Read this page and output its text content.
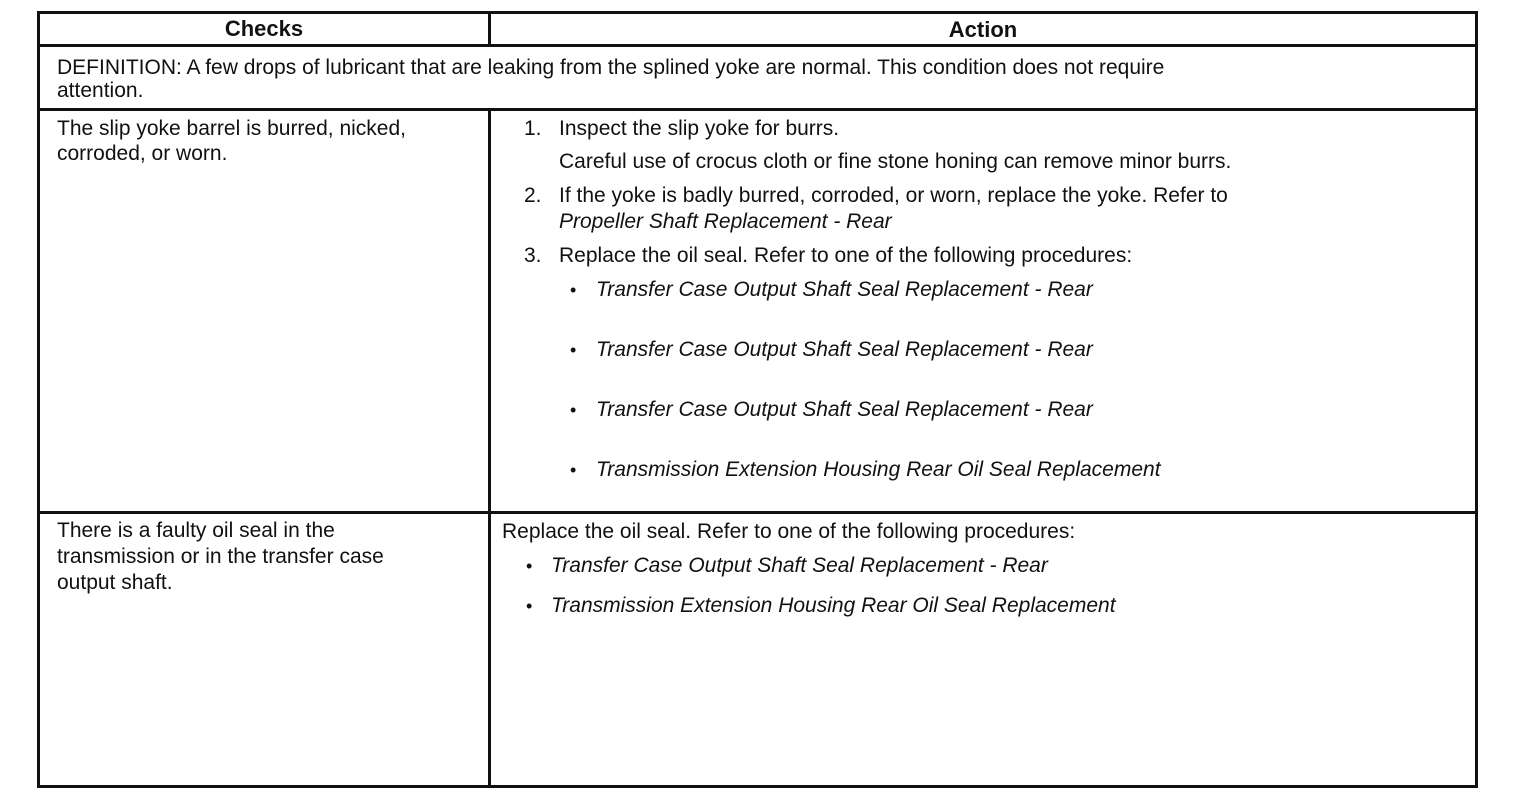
Checks	Action
DEFINITION: A few drops of lubricant that are leaking from the splined yoke are normal. This condition does not require
attention.
The slip yoke barrel is burred, nicked,
corroded, or worn.
1. Inspect the slip yoke for burrs.
Careful use of crocus cloth or fine stone honing can remove minor burrs.
2. If the yoke is badly burred, corroded, or worn, replace the yoke. Refer to
Propeller Shaft Replacement - Rear
3. Replace the oil seal. Refer to one of the following procedures:
• Transfer Case Output Shaft Seal Replacement - Rear
• Transfer Case Output Shaft Seal Replacement - Rear
• Transfer Case Output Shaft Seal Replacement - Rear
• Transmission Extension Housing Rear Oil Seal Replacement
There is a faulty oil seal in the
transmission or in the transfer case
output shaft.
Replace the oil seal. Refer to one of the following procedures:
• Transfer Case Output Shaft Seal Replacement - Rear
• Transmission Extension Housing Rear Oil Seal Replacement
